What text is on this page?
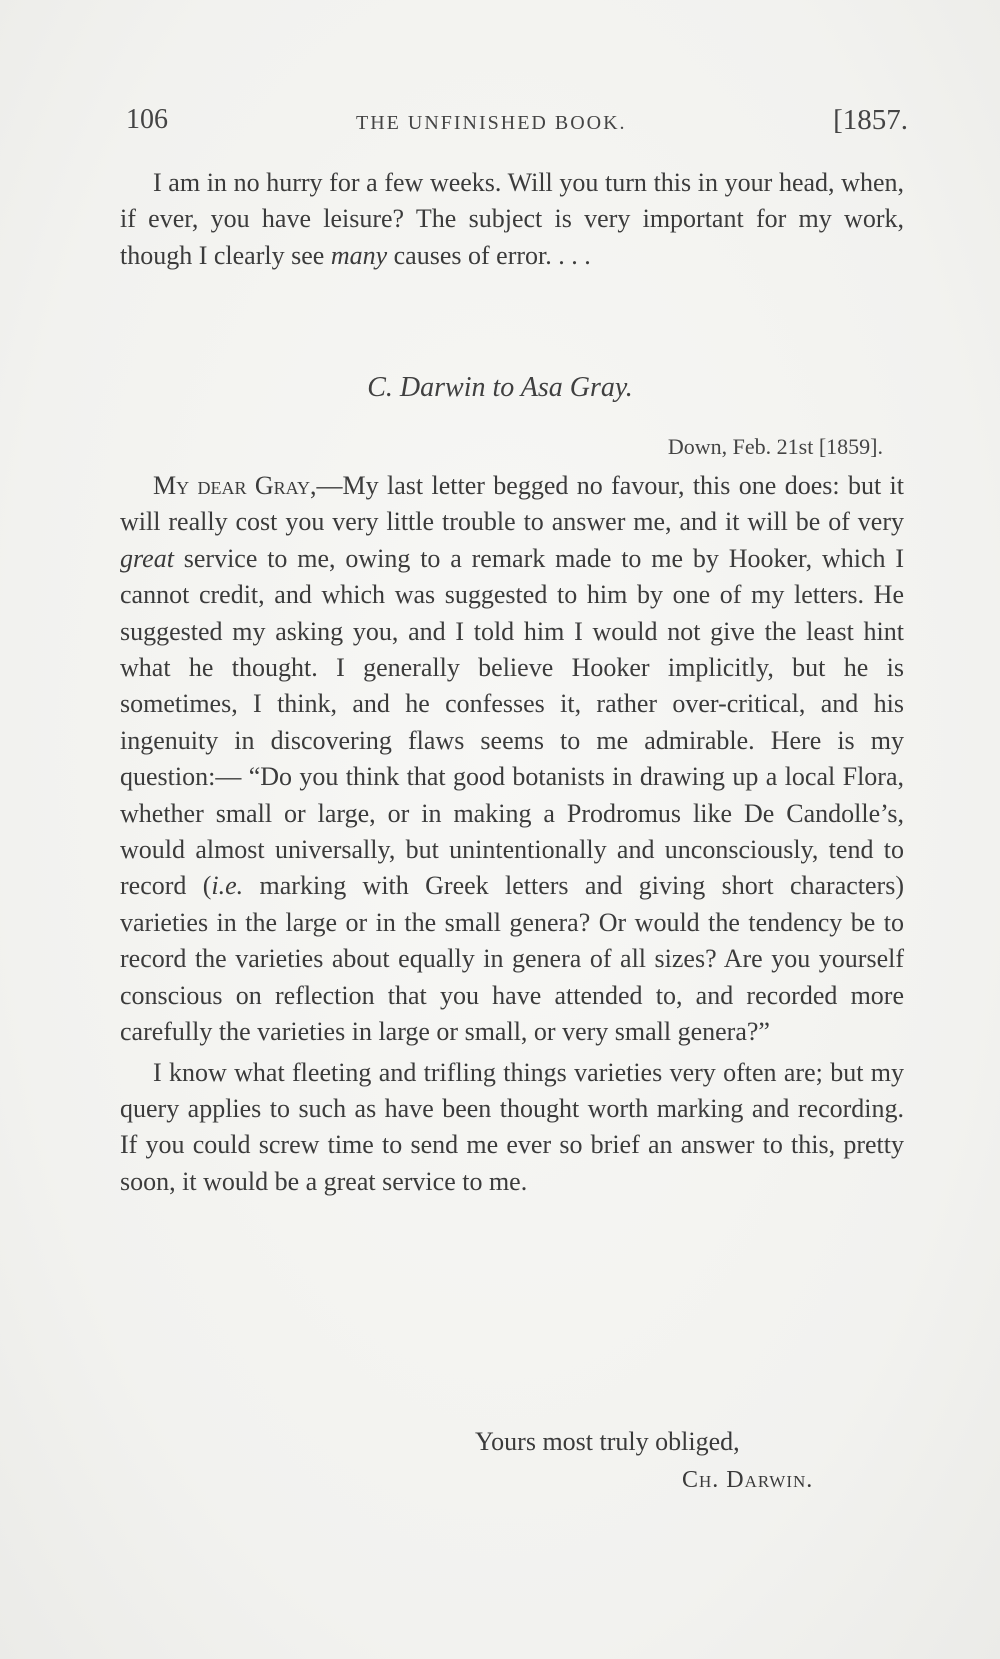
106	THE UNFINISHED BOOK.	[1857.

I am in no hurry for a few weeks. Will you turn this in your head, when, if ever, you have leisure? The subject is very important for my work, though I clearly see many causes of error. . . .

C. Darwin to Asa Gray.
Down, Feb. 21st [1859].

My dear Gray,—My last letter begged no favour, this one does: but it will really cost you very little trouble to answer me, and it will be of very great service to me, owing to a remark made to me by Hooker, which I cannot credit, and which was suggested to him by one of my letters. He suggested my asking you, and I told him I would not give the least hint what he thought. I generally believe Hooker implicitly, but he is sometimes, I think, and he confesses it, rather over-critical, and his ingenuity in discovering flaws seems to me admirable. Here is my question:— “Do you think that good botanists in drawing up a local Flora, whether small or large, or in making a Prodromus like De Candolle’s, would almost universally, but unintentionally and unconsciously, tend to record (i.e. marking with Greek letters and giving short characters) varieties in the large or in the small genera? Or would the tendency be to record the varieties about equally in genera of all sizes? Are you yourself conscious on reflection that you have attended to, and recorded more carefully the varieties in large or small, or very small genera?”

I know what fleeting and trifling things varieties very often are; but my query applies to such as have been thought worth marking and recording. If you could screw time to send me ever so brief an answer to this, pretty soon, it would be a great service to me.

Yours most truly obliged,
Ch. Darwin.
